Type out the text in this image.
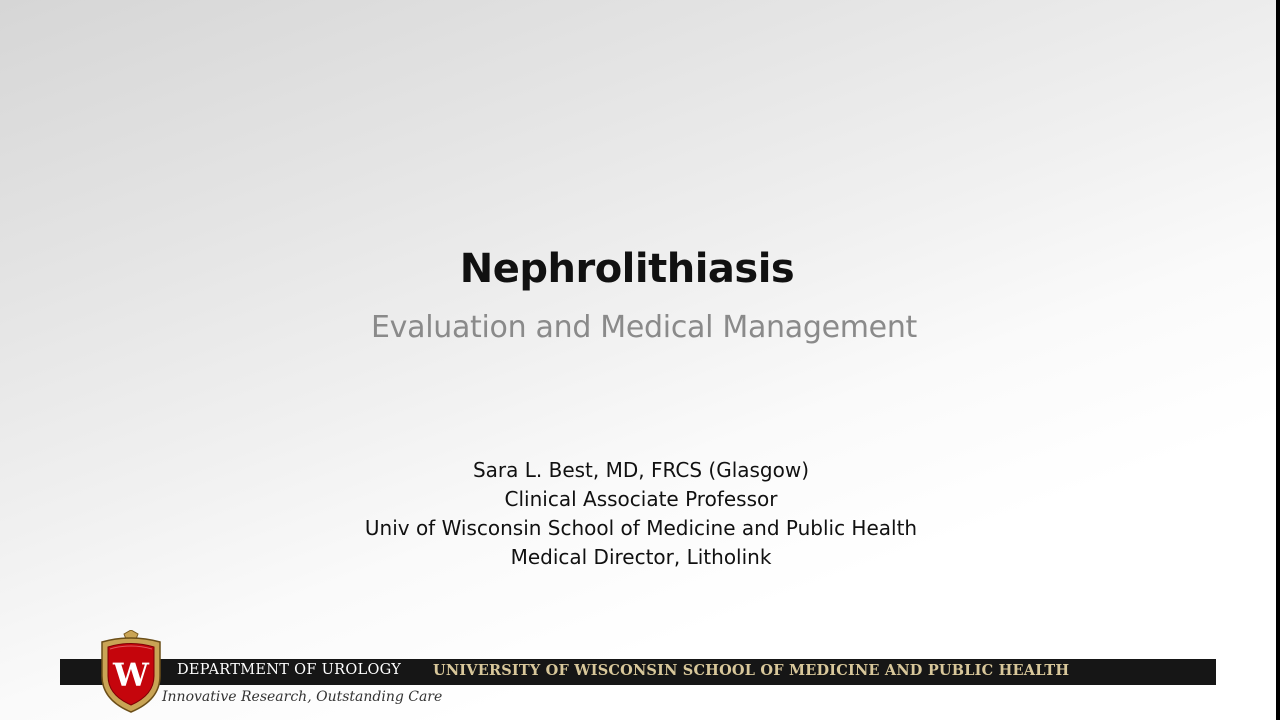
Nephrolithiasis
Evaluation and Medical Management
Sara L. Best, MD, FRCS (Glasgow)
Clinical Associate Professor
Univ of Wisconsin School of Medicine and Public Health
Medical Director, Litholink
DEPARTMENT OF UROLOGY UNIVERSITY OF WISCONSIN SCHOOL OF MEDICINE AND PUBLIC HEALTH
Innovative Research, Outstanding Care
W
